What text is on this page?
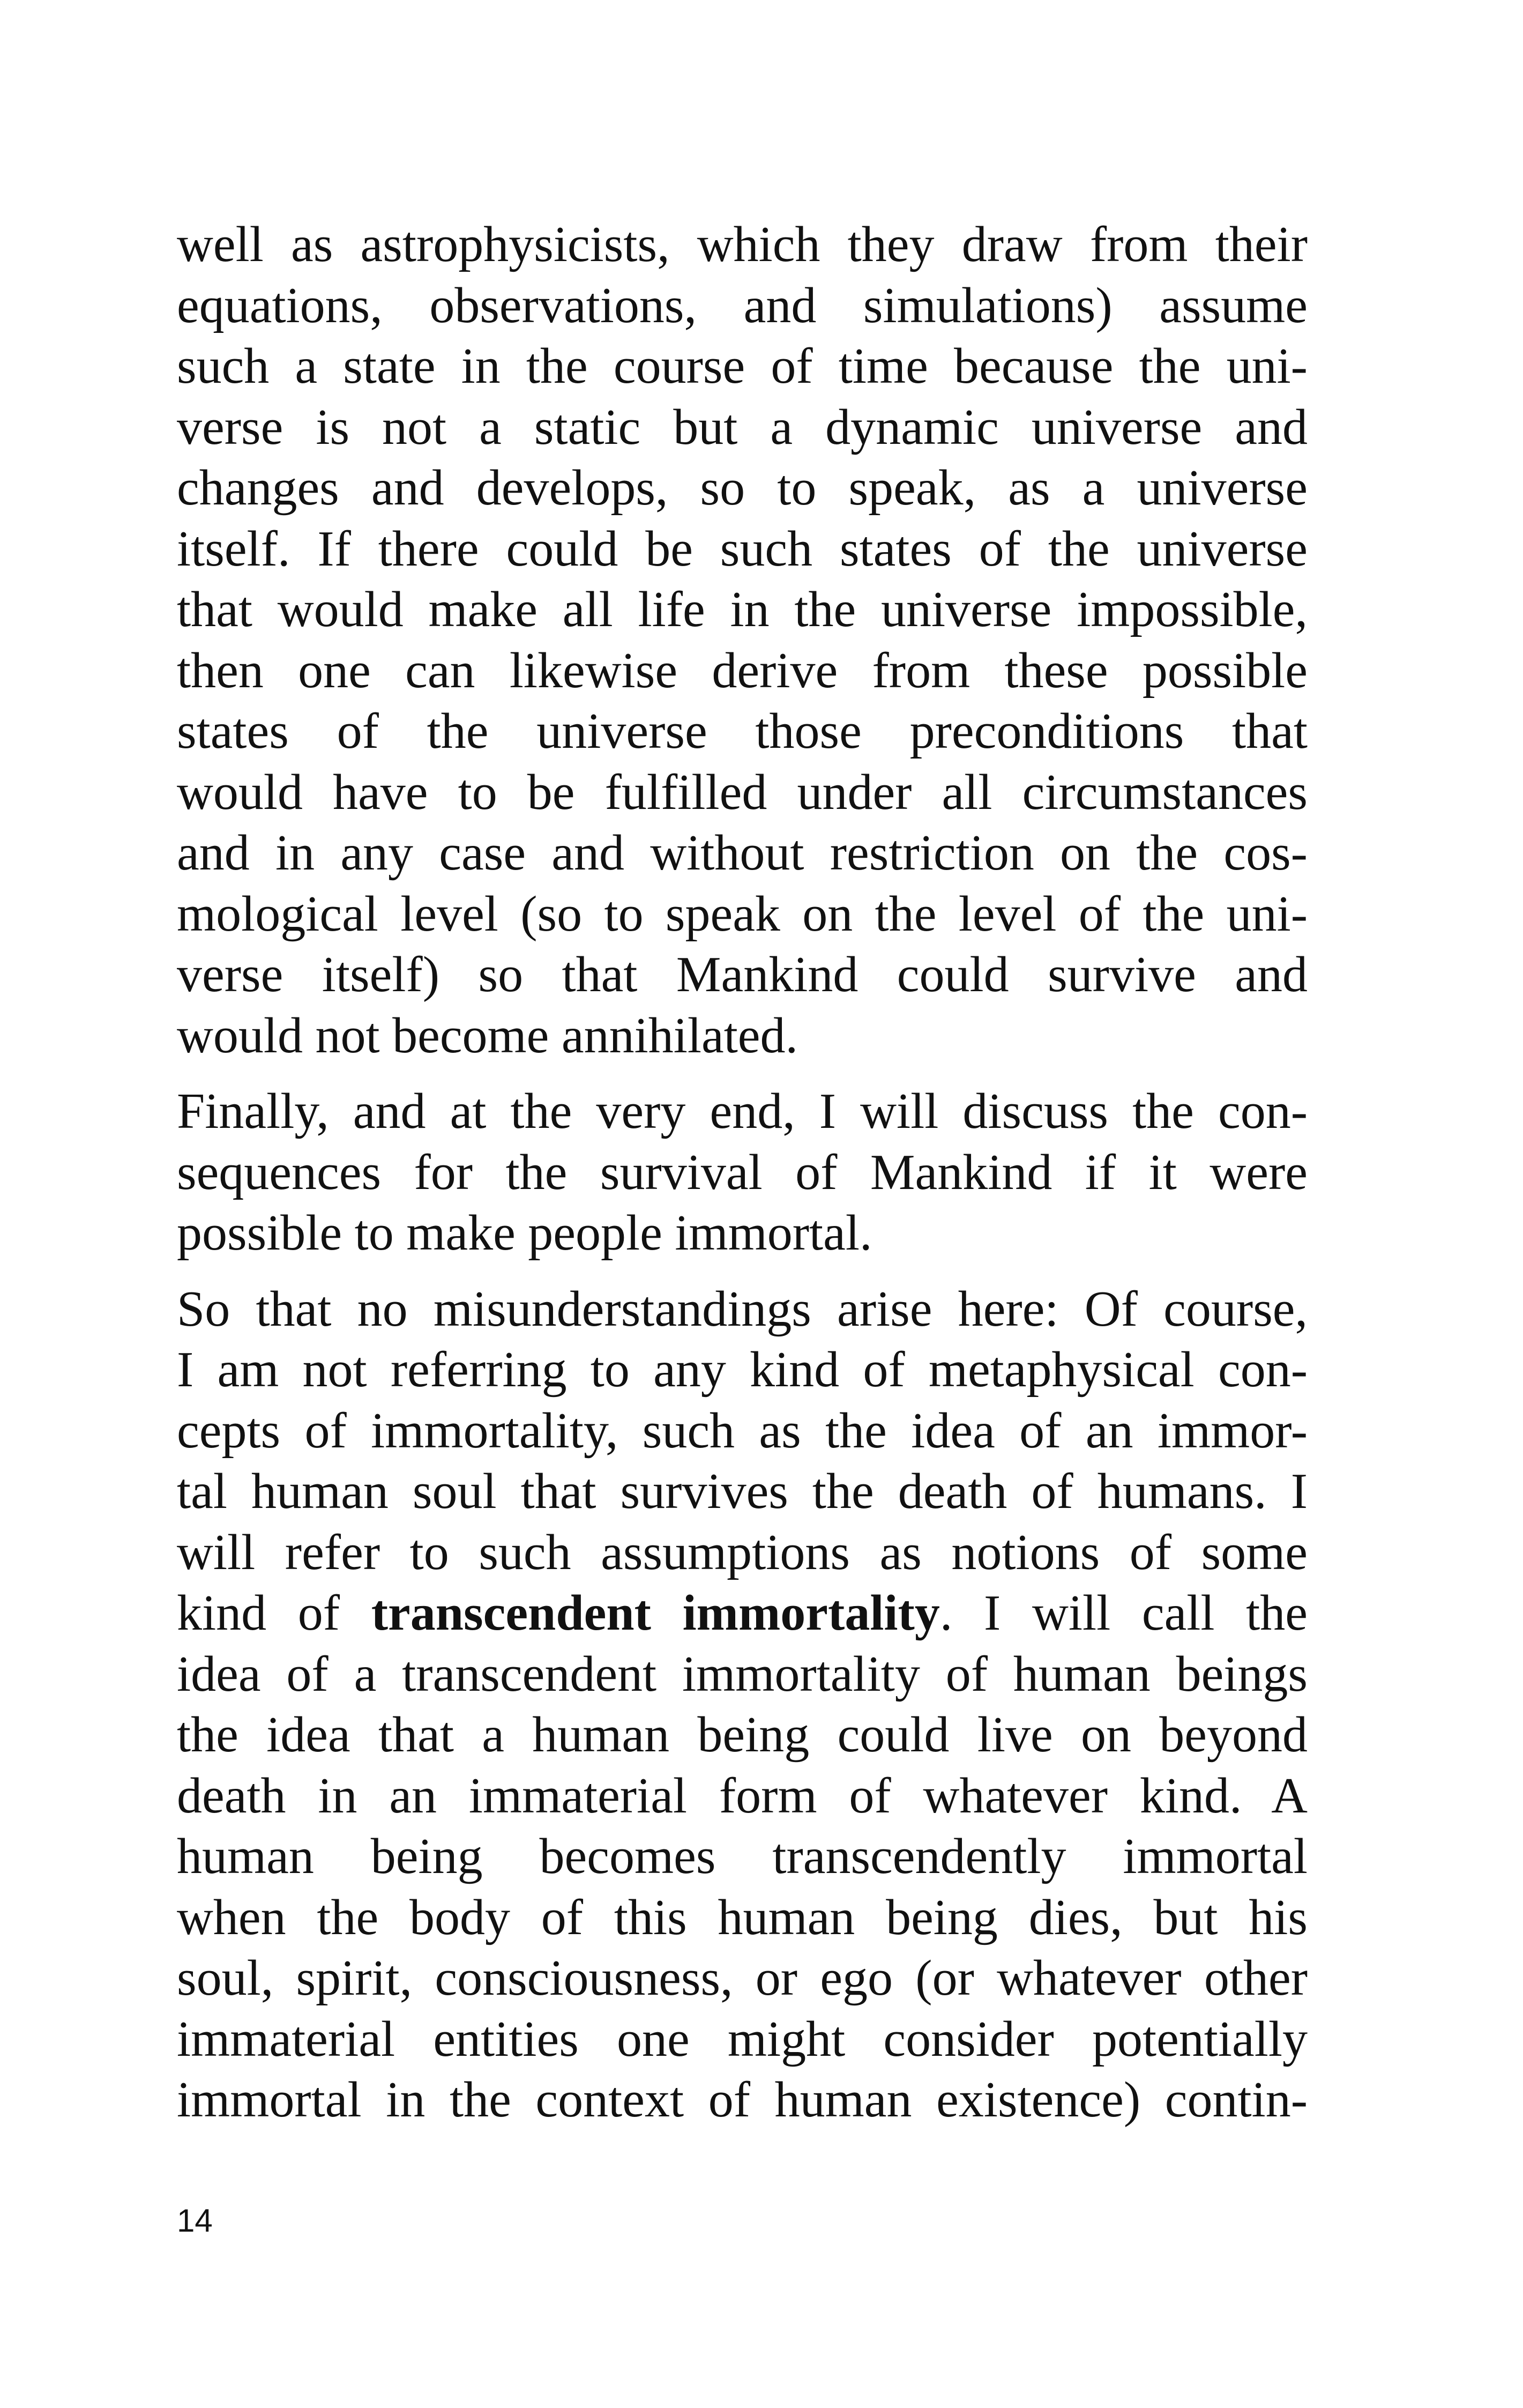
well as astrophysicists, which they draw from their
equations, observations, and simulations) assume
such a state in the course of time because the uni-
verse is not a static but a dynamic universe and
changes and develops, so to speak, as a universe
itself. If there could be such states of the universe
that would make all life in the universe impossible,
then one can likewise derive from these possible
states of the universe those preconditions that
would have to be fulfilled under all circumstances
and in any case and without restriction on the cos-
mological level (so to speak on the level of the uni-
verse itself) so that Mankind could survive and
would not become annihilated.
Finally, and at the very end, I will discuss the con-
sequences for the survival of Mankind if it were
possible to make people immortal.
So that no misunderstandings arise here: Of course,
I am not referring to any kind of metaphysical con-
cepts of immortality, such as the idea of an immor-
tal human soul that survives the death of humans. I
will refer to such assumptions as notions of some
kind of transcendent immortality. I will call the
idea of a transcendent immortality of human beings
the idea that a human being could live on beyond
death in an immaterial form of whatever kind. A
human being becomes transcendently immortal
when the body of this human being dies, but his
soul, spirit, consciousness, or ego (or whatever other
immaterial entities one might consider potentially
immortal in the context of human existence) contin-
14
